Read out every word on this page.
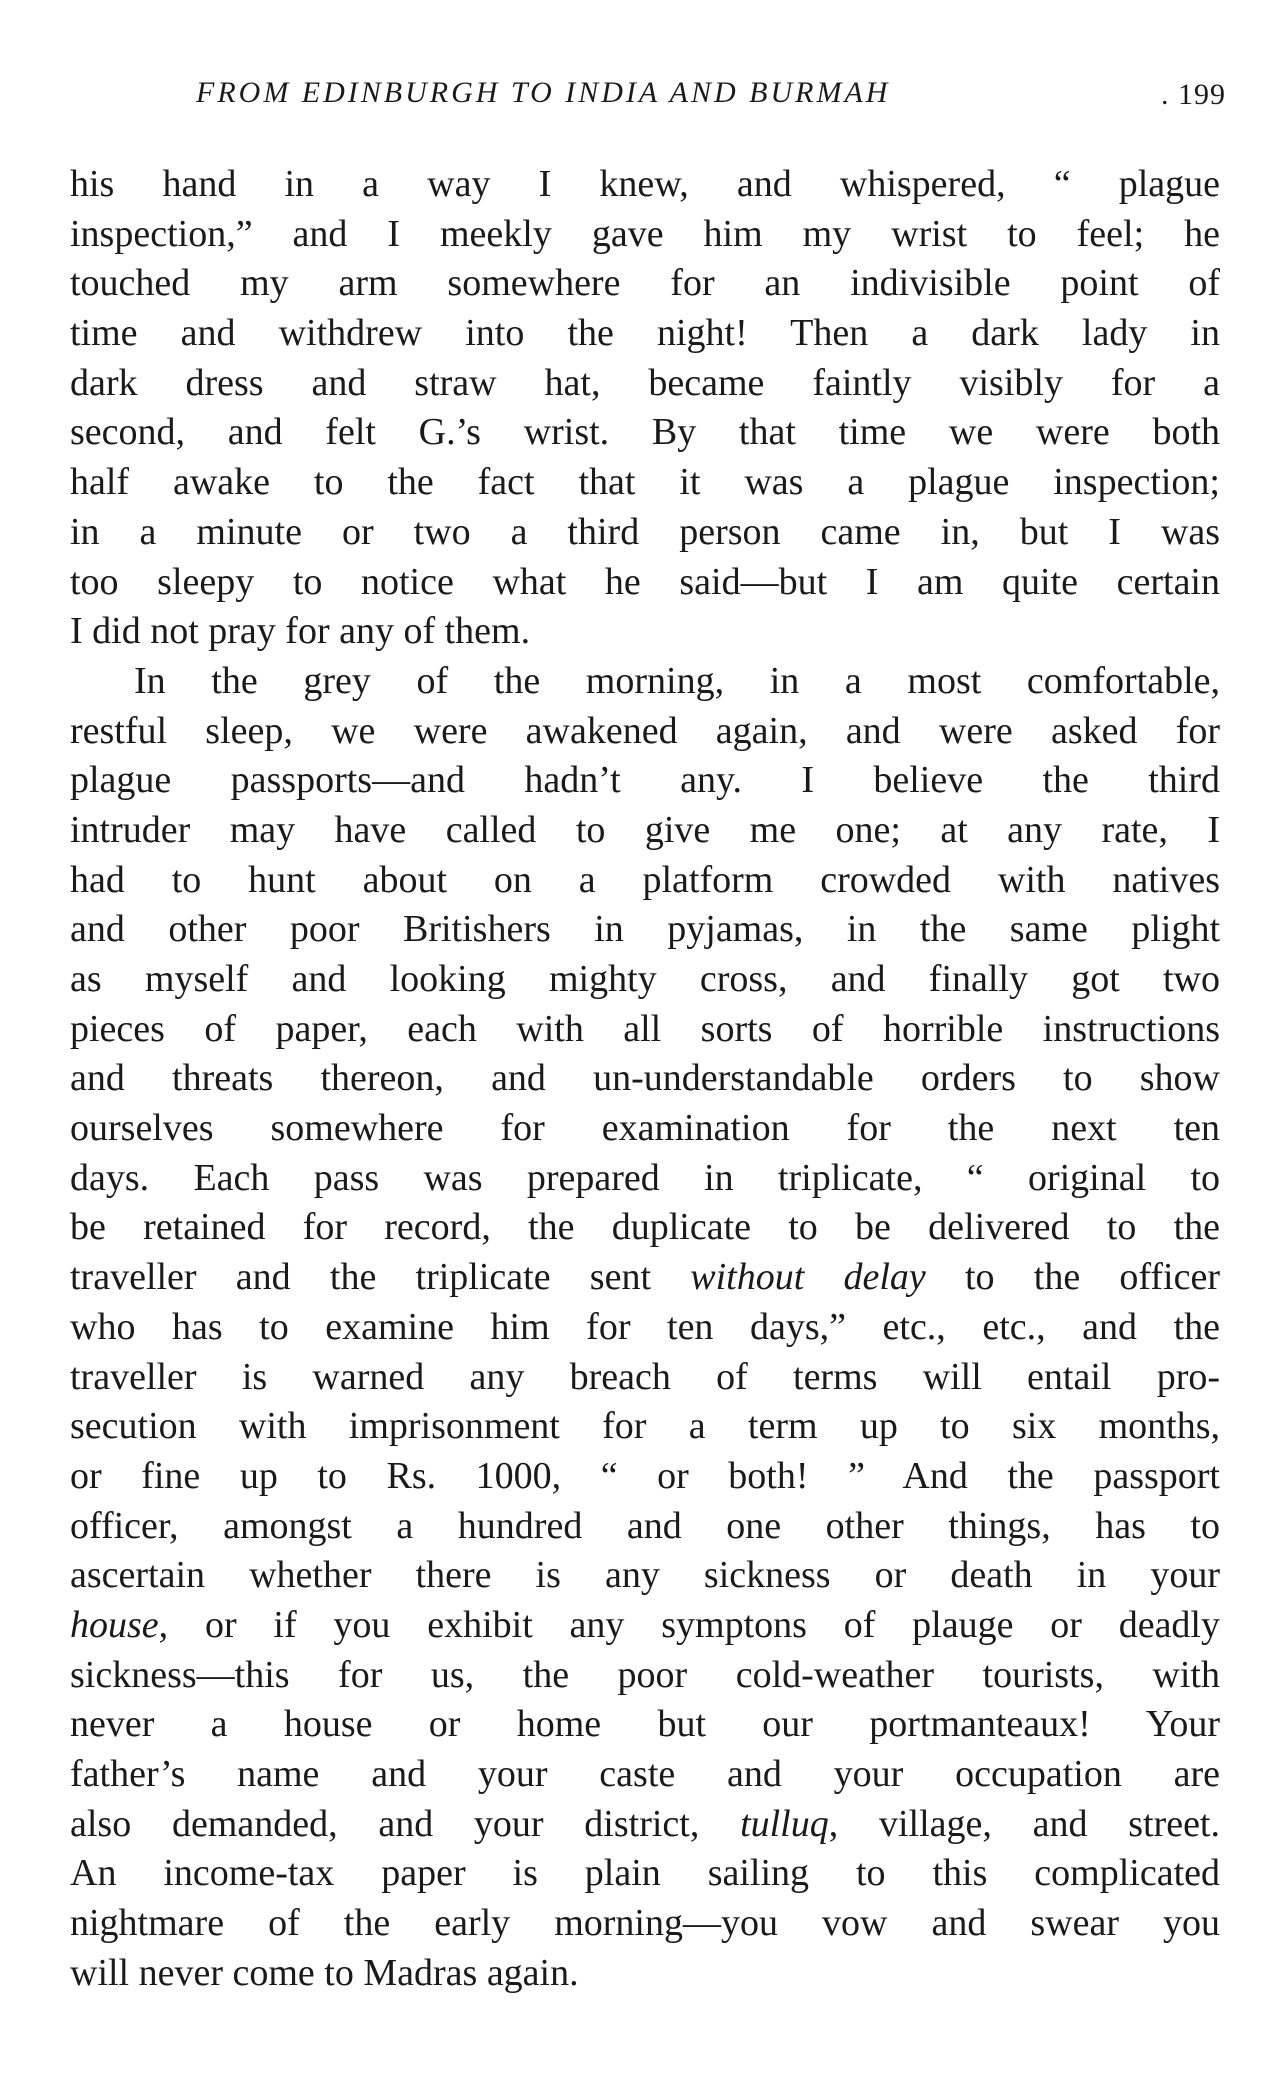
FROM EDINBURGH TO INDIA AND BURMAH	. 199
his hand in a way I knew, and whispered, “ plague
inspection,” and I meekly gave him my wrist to feel; he
touched my arm somewhere for an indivisible point of
time and withdrew into the night! Then a dark lady in
dark dress and straw hat, became faintly visibly for a
second, and felt G.’s wrist. By that time we were both
half awake to the fact that it was a plague inspection;
in a minute or two a third person came in, but I was
too sleepy to notice what he said—but I am quite certain
I did not pray for any of them.
In the grey of the morning, in a most comfortable,
restful sleep, we were awakened again, and were asked for
plague passports—and hadn’t any. I believe the third
intruder may have called to give me one; at any rate, I
had to hunt about on a platform crowded with natives
and other poor Britishers in pyjamas, in the same plight
as myself and looking mighty cross, and finally got two
pieces of paper, each with all sorts of horrible instructions
and threats thereon, and un-understandable orders to show
ourselves somewhere for examination for the next ten
days. Each pass was prepared in triplicate, “ original to
be retained for record, the duplicate to be delivered to the
traveller and the triplicate sent without delay to the officer
who has to examine him for ten days,” etc., etc., and the
traveller is warned any breach of terms will entail pro-
secution with imprisonment for a term up to six months,
or fine up to Rs. 1000, “ or both! ” And the passport
officer, amongst a hundred and one other things, has to
ascertain whether there is any sickness or death in your
house, or if you exhibit any symptons of plauge or deadly
sickness—this for us, the poor cold-weather tourists, with
never a house or home but our portmanteaux! Your
father’s name and your caste and your occupation are
also demanded, and your district, tulluq, village, and street.
An income-tax paper is plain sailing to this complicated
nightmare of the early morning—you vow and swear you
will never come to Madras again.
